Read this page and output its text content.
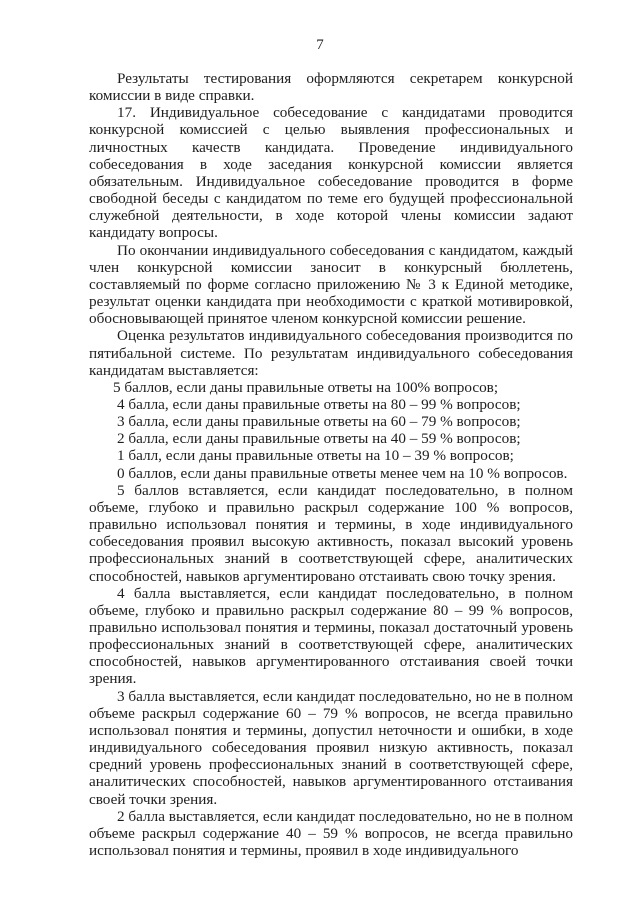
7

Результаты тестирования оформляются секретарем конкурсной комиссии в виде справки.

17. Индивидуальное собеседование с кандидатами проводится конкурсной комиссией с целью выявления профессиональных и личностных качеств кандидата. Проведение индивидуального собеседования в ходе заседания конкурсной комиссии является обязательным. Индивидуальное собеседование проводится в форме свободной беседы с кандидатом по теме его будущей профессиональной служебной деятельности, в ходе которой члены комиссии задают кандидату вопросы.

По окончании индивидуального собеседования с кандидатом, каждый член конкурсной комиссии заносит в конкурсный бюллетень, составляемый по форме согласно приложению № 3 к Единой методике, результат оценки кандидата при необходимости с краткой мотивировкой, обосновывающей принятое членом конкурсной комиссии решение.

Оценка результатов индивидуального собеседования производится по пятибальной системе. По результатам индивидуального собеседования кандидатам выставляется:

5 баллов, если даны правильные ответы на 100% вопросов;

4 балла, если даны правильные ответы на 80 – 99 % вопросов;

3 балла, если даны правильные ответы на 60 – 79 % вопросов;

2 балла, если даны правильные ответы на 40 – 59 % вопросов;

1 балл, если даны правильные ответы на 10 – 39 % вопросов;

0 баллов, если даны правильные ответы менее чем на 10 % вопросов.

5 баллов вставляется, если кандидат последовательно, в полном объеме, глубоко и правильно раскрыл содержание 100 % вопросов, правильно использовал понятия и термины, в ходе индивидуального собеседования проявил высокую активность, показал высокий уровень профессиональных знаний в соответствующей сфере, аналитических способностей, навыков аргументировано отстаивать свою точку зрения.

4 балла выставляется, если кандидат последовательно, в полном объеме, глубоко и правильно раскрыл содержание 80 – 99 % вопросов, правильно использовал понятия и термины, показал достаточный уровень профессиональных знаний в соответствующей сфере, аналитических способностей, навыков аргументированного отстаивания своей точки зрения.

3 балла выставляется, если кандидат последовательно, но не в полном объеме раскрыл содержание 60 – 79 % вопросов, не всегда правильно использовал понятия и термины, допустил неточности и ошибки, в ходе индивидуального собеседования проявил низкую активность, показал средний уровень профессиональных знаний в соответствующей сфере, аналитических способностей, навыков аргументированного отстаивания своей точки зрения.

2 балла выставляется, если кандидат последовательно, но не в полном объеме раскрыл содержание 40 – 59 % вопросов, не всегда правильно использовал понятия и термины, проявил в ходе индивидуального
